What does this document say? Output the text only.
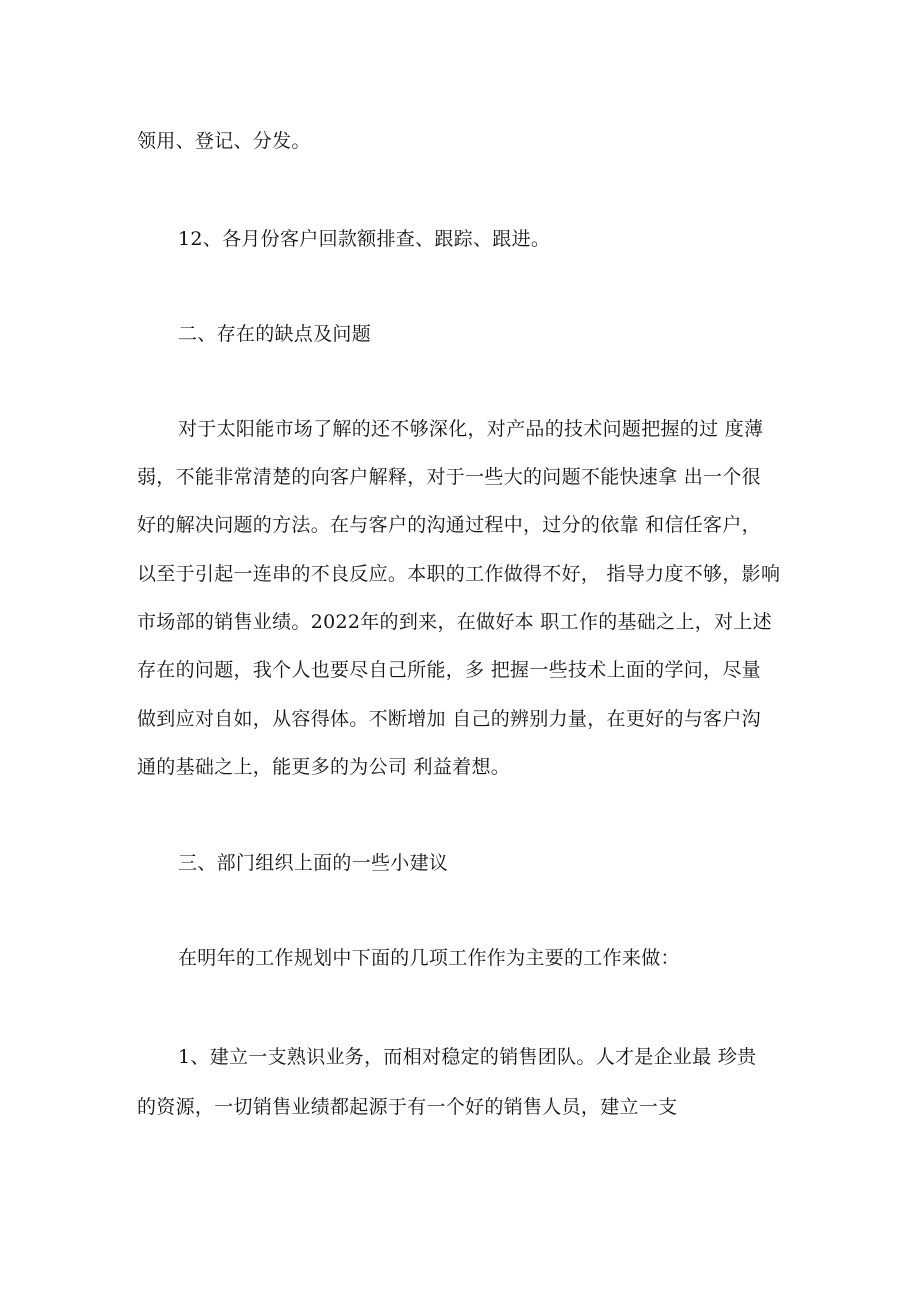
领用、登记、分发。
12、各月份客户回款额排查、跟踪、跟进。
二、存在的缺点及问题
对于太阳能市场了解的还不够深化，对产品的技术问题把握的过 度薄
弱，不能非常清楚的向客户解释，对于一些大的问题不能快速拿 出一个很
好的解决问题的方法。在与客户的沟通过程中，过分的依靠 和信任客户，
以至于引起一连串的不良反应。本职的工作做得不好， 指导力度不够，影响
市场部的销售业绩。2022年的到来，在做好本 职工作的基础之上，对上述
存在的问题，我个人也要尽自己所能，多 把握一些技术上面的学问，尽量
做到应对自如，从容得体。不断增加 自己的辨别力量，在更好的与客户沟
通的基础之上，能更多的为公司 利益着想。
三、部门组织上面的一些小建议
在明年的工作规划中下面的几项工作作为主要的工作来做：
1、建立一支熟识业务，而相对稳定的销售团队。人才是企业最 珍贵
的资源，一切销售业绩都起源于有一个好的销售人员，建立一支
